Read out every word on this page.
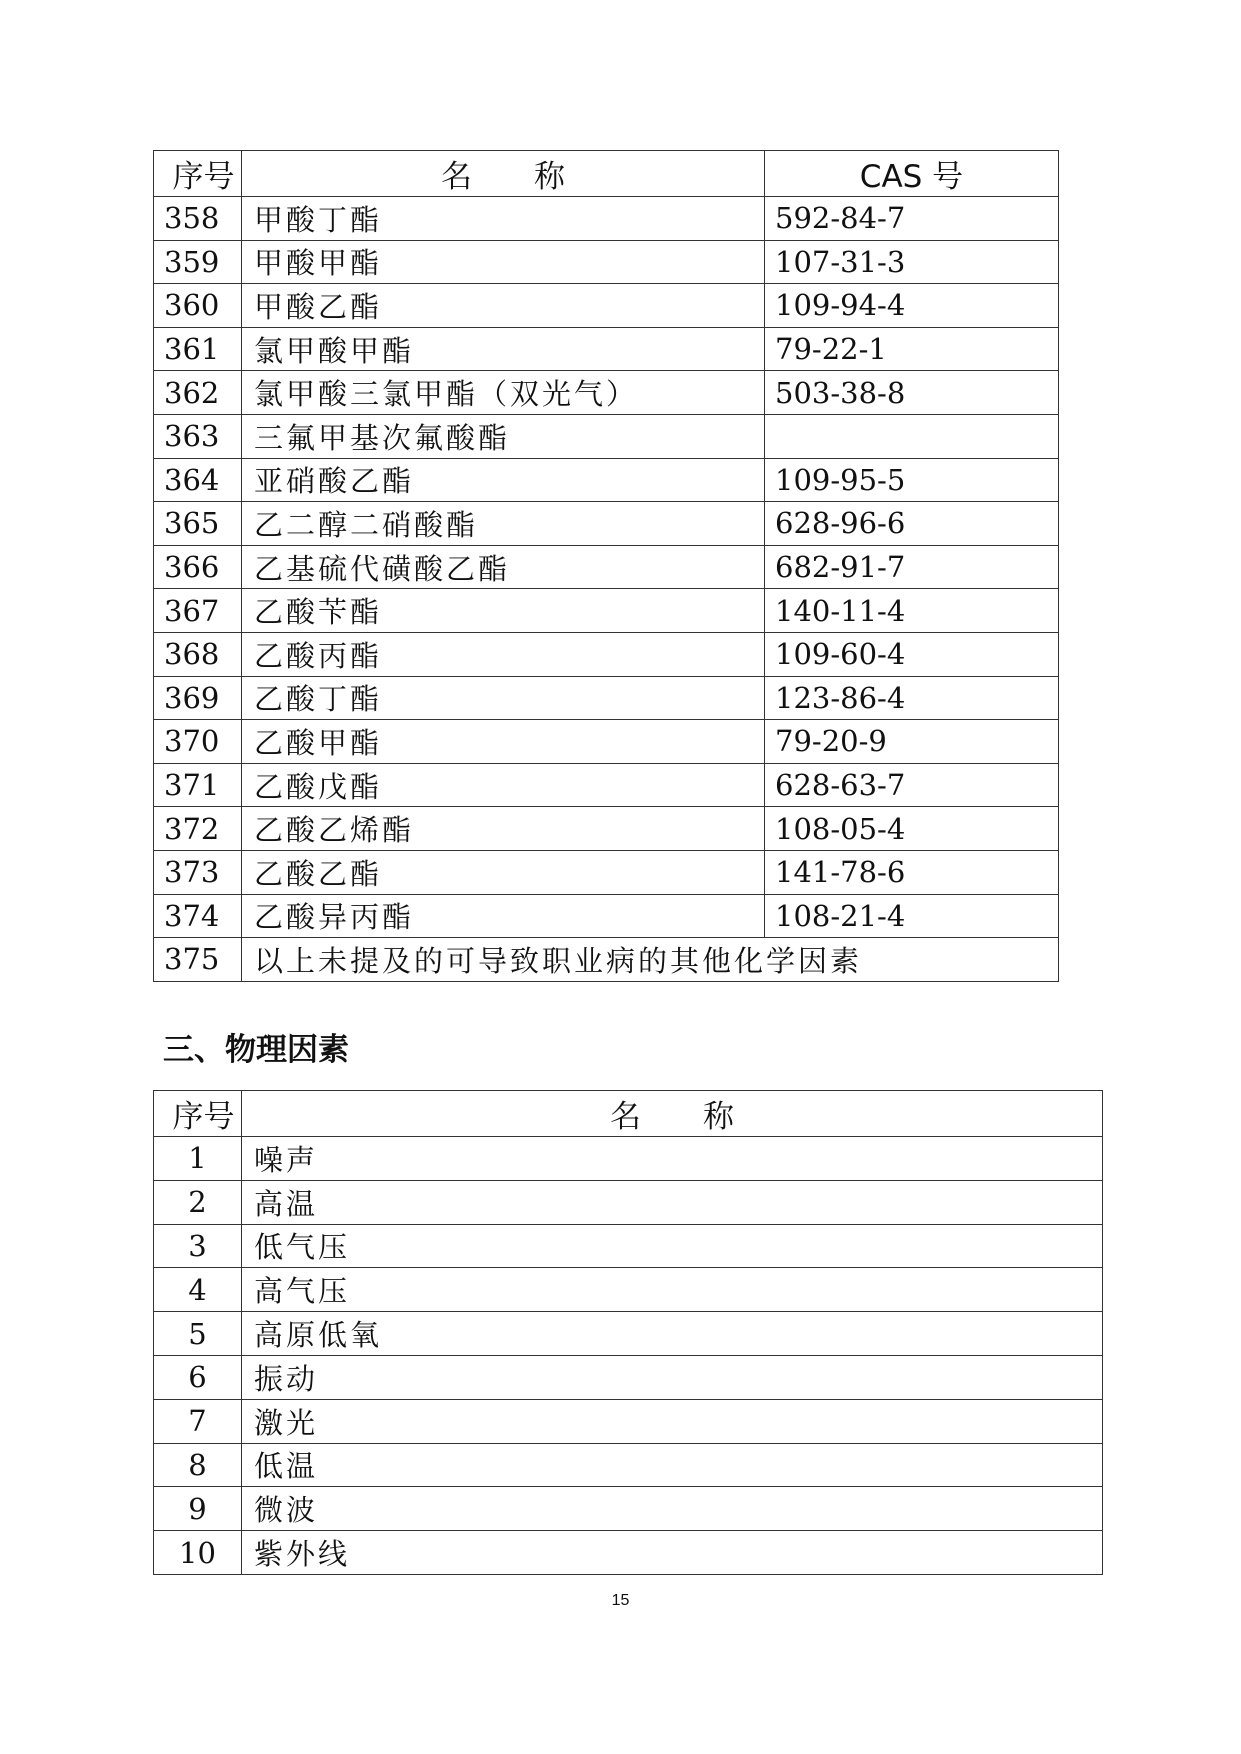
序号	名　　称	CAS 号
358	甲酸丁酯	592-84-7
359	甲酸甲酯	107-31-3
360	甲酸乙酯	109-94-4
361	氯甲酸甲酯	79-22-1
362	氯甲酸三氯甲酯（双光气）	503-38-8
363	三氟甲基次氟酸酯	
364	亚硝酸乙酯	109-95-5
365	乙二醇二硝酸酯	628-96-6
366	乙基硫代磺酸乙酯	682-91-7
367	乙酸苄酯	140-11-4
368	乙酸丙酯	109-60-4
369	乙酸丁酯	123-86-4
370	乙酸甲酯	79-20-9
371	乙酸戊酯	628-63-7
372	乙酸乙烯酯	108-05-4
373	乙酸乙酯	141-78-6
374	乙酸异丙酯	108-21-4
375	以上未提及的可导致职业病的其他化学因素	
三、物理因素
序号	名　　称
1	噪声
2	高温
3	低气压
4	高气压
5	高原低氧
6	振动
7	激光
8	低温
9	微波
10	紫外线
15
